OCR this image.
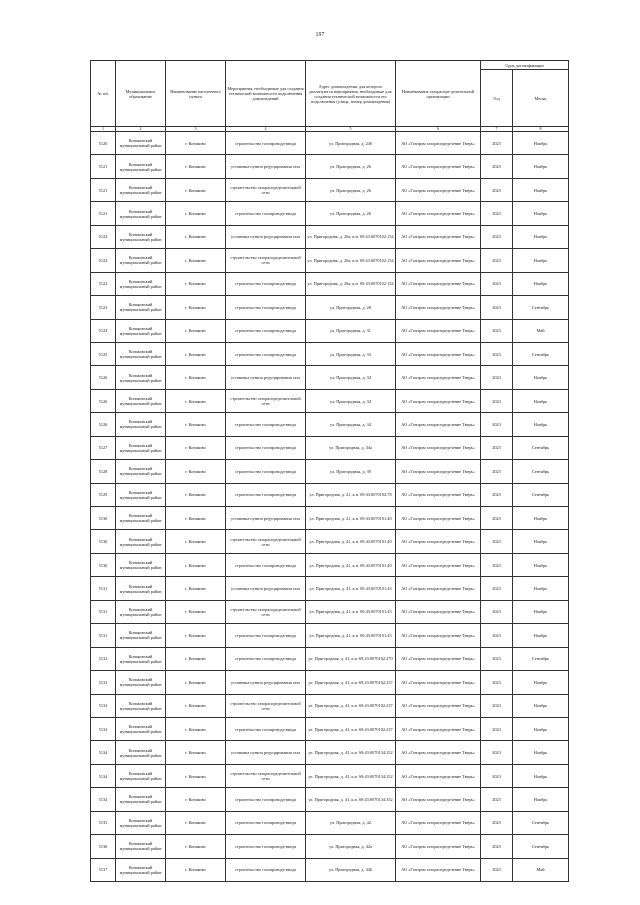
197
№ п/п	Муниципальное образование	Наименование населенного пункта	Мероприятия, необходимые для создания технической возможности подключения домовладений	Адрес домовладения, для которого реализуются мероприятия, необходимые для создания технической возможности его подключения (улица, номер домовладения)	Наименование газораспре-делительной организации	Срок догазификации	
						Год	Месяц
1	2	3	4	5	6	7	8
5120	Конаковский муниципальный район	г. Конаково	строительство газопровода-ввода	ул. Пригородная, д. 24б	АО «Газпром газораспределение Тверь»	2023	Ноябрь
5121	Конаковский муниципальный район	г. Конаково	установка пункта редуцирования газа	ул. Пригородная, д. 26	АО «Газпром газораспределение Тверь»	2023	Ноябрь
5121	Конаковский муниципальный район	г. Конаково	строительство газораспределительной сети	ул. Пригородная, д. 26	АО «Газпром газораспределение Тверь»	2023	Ноябрь
5121	Конаковский муниципальный район	г. Конаково	строительство газопровода-ввода	ул. Пригородная, д. 26	АО «Газпром газораспределение Тверь»	2023	Ноябрь
5122	Конаковский муниципальный район	г. Конаково	установка пункта редуцирования газа	ул. Пригородная, д. 26а, к.н. 69:43:0070102:154	АО «Газпром газораспределение Тверь»	2023	Ноябрь
5122	Конаковский муниципальный район	г. Конаково	строительство газораспределительной сети	ул. Пригородная, д. 26а, к.н. 69:43:0070102:154	АО «Газпром газораспределение Тверь»	2023	Ноябрь
5122	Конаковский муниципальный район	г. Конаково	строительство газопровода-ввода	ул. Пригородная, д. 26а, к.н. 69:43:0070102:154	АО «Газпром газораспределение Тверь»	2023	Ноябрь
5123	Конаковский муниципальный район	г. Конаково	строительство газопровода-ввода	ул. Пригородная, д. 28	АО «Газпром газораспределение Тверь»	2023	Сентябрь
5124	Конаковский муниципальный район	г. Конаково	строительство газопровода-ввода	ул. Пригородная, д. 31	АО «Газпром газораспределение Тверь»	2023	Май
5125	Конаковский муниципальный район	г. Конаково	строительство газопровода-ввода	ул. Пригородная, д. 33	АО «Газпром газораспределение Тверь»	2023	Сентябрь
5126	Конаковский муниципальный район	г. Конаково	установка пункта редуцирования газа	ул. Пригородная, д. 34	АО «Газпром газораспределение Тверь»	2023	Ноябрь
5126	Конаковский муниципальный район	г. Конаково	строительство газораспределительной сети	ул. Пригородная, д. 34	АО «Газпром газораспределение Тверь»	2023	Ноябрь
5126	Конаковский муниципальный район	г. Конаково	строительство газопровода-ввода	ул. Пригородная, д. 34	АО «Газпром газораспределение Тверь»	2023	Ноябрь
5127	Конаковский муниципальный район	г. Конаково	строительство газопровода-ввода	ул. Пригородная, д. 34а	АО «Газпром газораспределение Тверь»	2023	Сентябрь
5128	Конаковский муниципальный район	г. Конаково	строительство газопровода-ввода	ул. Пригородная, д. 39	АО «Газпром газораспределение Тверь»	2023	Сентябрь
5129	Конаковский муниципальный район	г. Конаково	строительство газопровода-ввода	ул. Пригородная, д. 41, к.н. 69:43:0070102:78	АО «Газпром газораспределение Тверь»	2023	Сентябрь
5130	Конаковский муниципальный район	г. Конаково	установка пункта редуцирования газа	ул. Пригородная, д. 41, к.н. 69:43:0070101:40	АО «Газпром газораспределение Тверь»	2023	Ноябрь
5130	Конаковский муниципальный район	г. Конаково	строительство газораспределительной сети	ул. Пригородная, д. 41, к.н. 69:43:0070101:40	АО «Газпром газораспределение Тверь»	2023	Ноябрь
5130	Конаковский муниципальный район	г. Конаково	строительство газопровода-ввода	ул. Пригородная, д. 41, к.н. 69:43:0070101:40	АО «Газпром газораспределение Тверь»	2023	Ноябрь
5131	Конаковский муниципальный район	г. Конаково	установка пункта редуцирования газа	ул. Пригородная, д. 41, к.н. 69:43:0070101:43	АО «Газпром газораспределение Тверь»	2023	Ноябрь
5131	Конаковский муниципальный район	г. Конаково	строительство газораспределительной сети	ул. Пригородная, д. 41, к.н. 69:43:0070101:43	АО «Газпром газораспределение Тверь»	2023	Ноябрь
5131	Конаковский муниципальный район	г. Конаково	строительство газопровода-ввода	ул. Пригородная, д. 41, к.н. 69:43:0070101:43	АО «Газпром газораспределение Тверь»	2023	Ноябрь
5132	Конаковский муниципальный район	г. Конаково	строительство газопровода-ввода	ул. Пригородная, д. 41, к.н. 69:43:0070102:270	АО «Газпром газораспределение Тверь»	2023	Сентябрь
5133	Конаковский муниципальный район	г. Конаково	установка пункта редуцирования газа	ул. Пригородная, д. 41, к.н. 69:43:0070102:237	АО «Газпром газораспределение Тверь»	2023	Ноябрь
5133	Конаковский муниципальный район	г. Конаково	строительство газораспределительной сети	ул. Пригородная, д. 41, к.н. 69:43:0070102:237	АО «Газпром газораспределение Тверь»	2023	Ноябрь
5133	Конаковский муниципальный район	г. Конаково	строительство газопровода-ввода	ул. Пригородная, д. 41, к.н. 69:43:0070102:237	АО «Газпром газораспределение Тверь»	2023	Ноябрь
5134	Конаковский муниципальный район	г. Конаково	установка пункта редуцирования газа	ул. Пригородная, д. 41, к.н. 69:43:0070134:352	АО «Газпром газораспределение Тверь»	2023	Ноябрь
5134	Конаковский муниципальный район	г. Конаково	строительство газораспределительной сети	ул. Пригородная, д. 41, к.н. 69:43:0070134:352	АО «Газпром газораспределение Тверь»	2023	Ноябрь
5134	Конаковский муниципальный район	г. Конаково	строительство газопровода-ввода	ул. Пригородная, д. 41, к.н. 69:43:0070134:352	АО «Газпром газораспределение Тверь»	2023	Ноябрь
5135	Конаковский муниципальный район	г. Конаково	строительство газопровода-ввода	ул. Пригородная, д. 42	АО «Газпром газораспределение Тверь»	2023	Сентябрь
5136	Конаковский муниципальный район	г. Конаково	строительство газопровода-ввода	ул. Пригородная, д. 42а	АО «Газпром газораспределение Тверь»	2023	Сентябрь
5137	Конаковский муниципальный район	г. Конаково	строительство газопровода-ввода	ул. Пригородная, д. 44б	АО «Газпром газораспределение Тверь»	2023	Май
